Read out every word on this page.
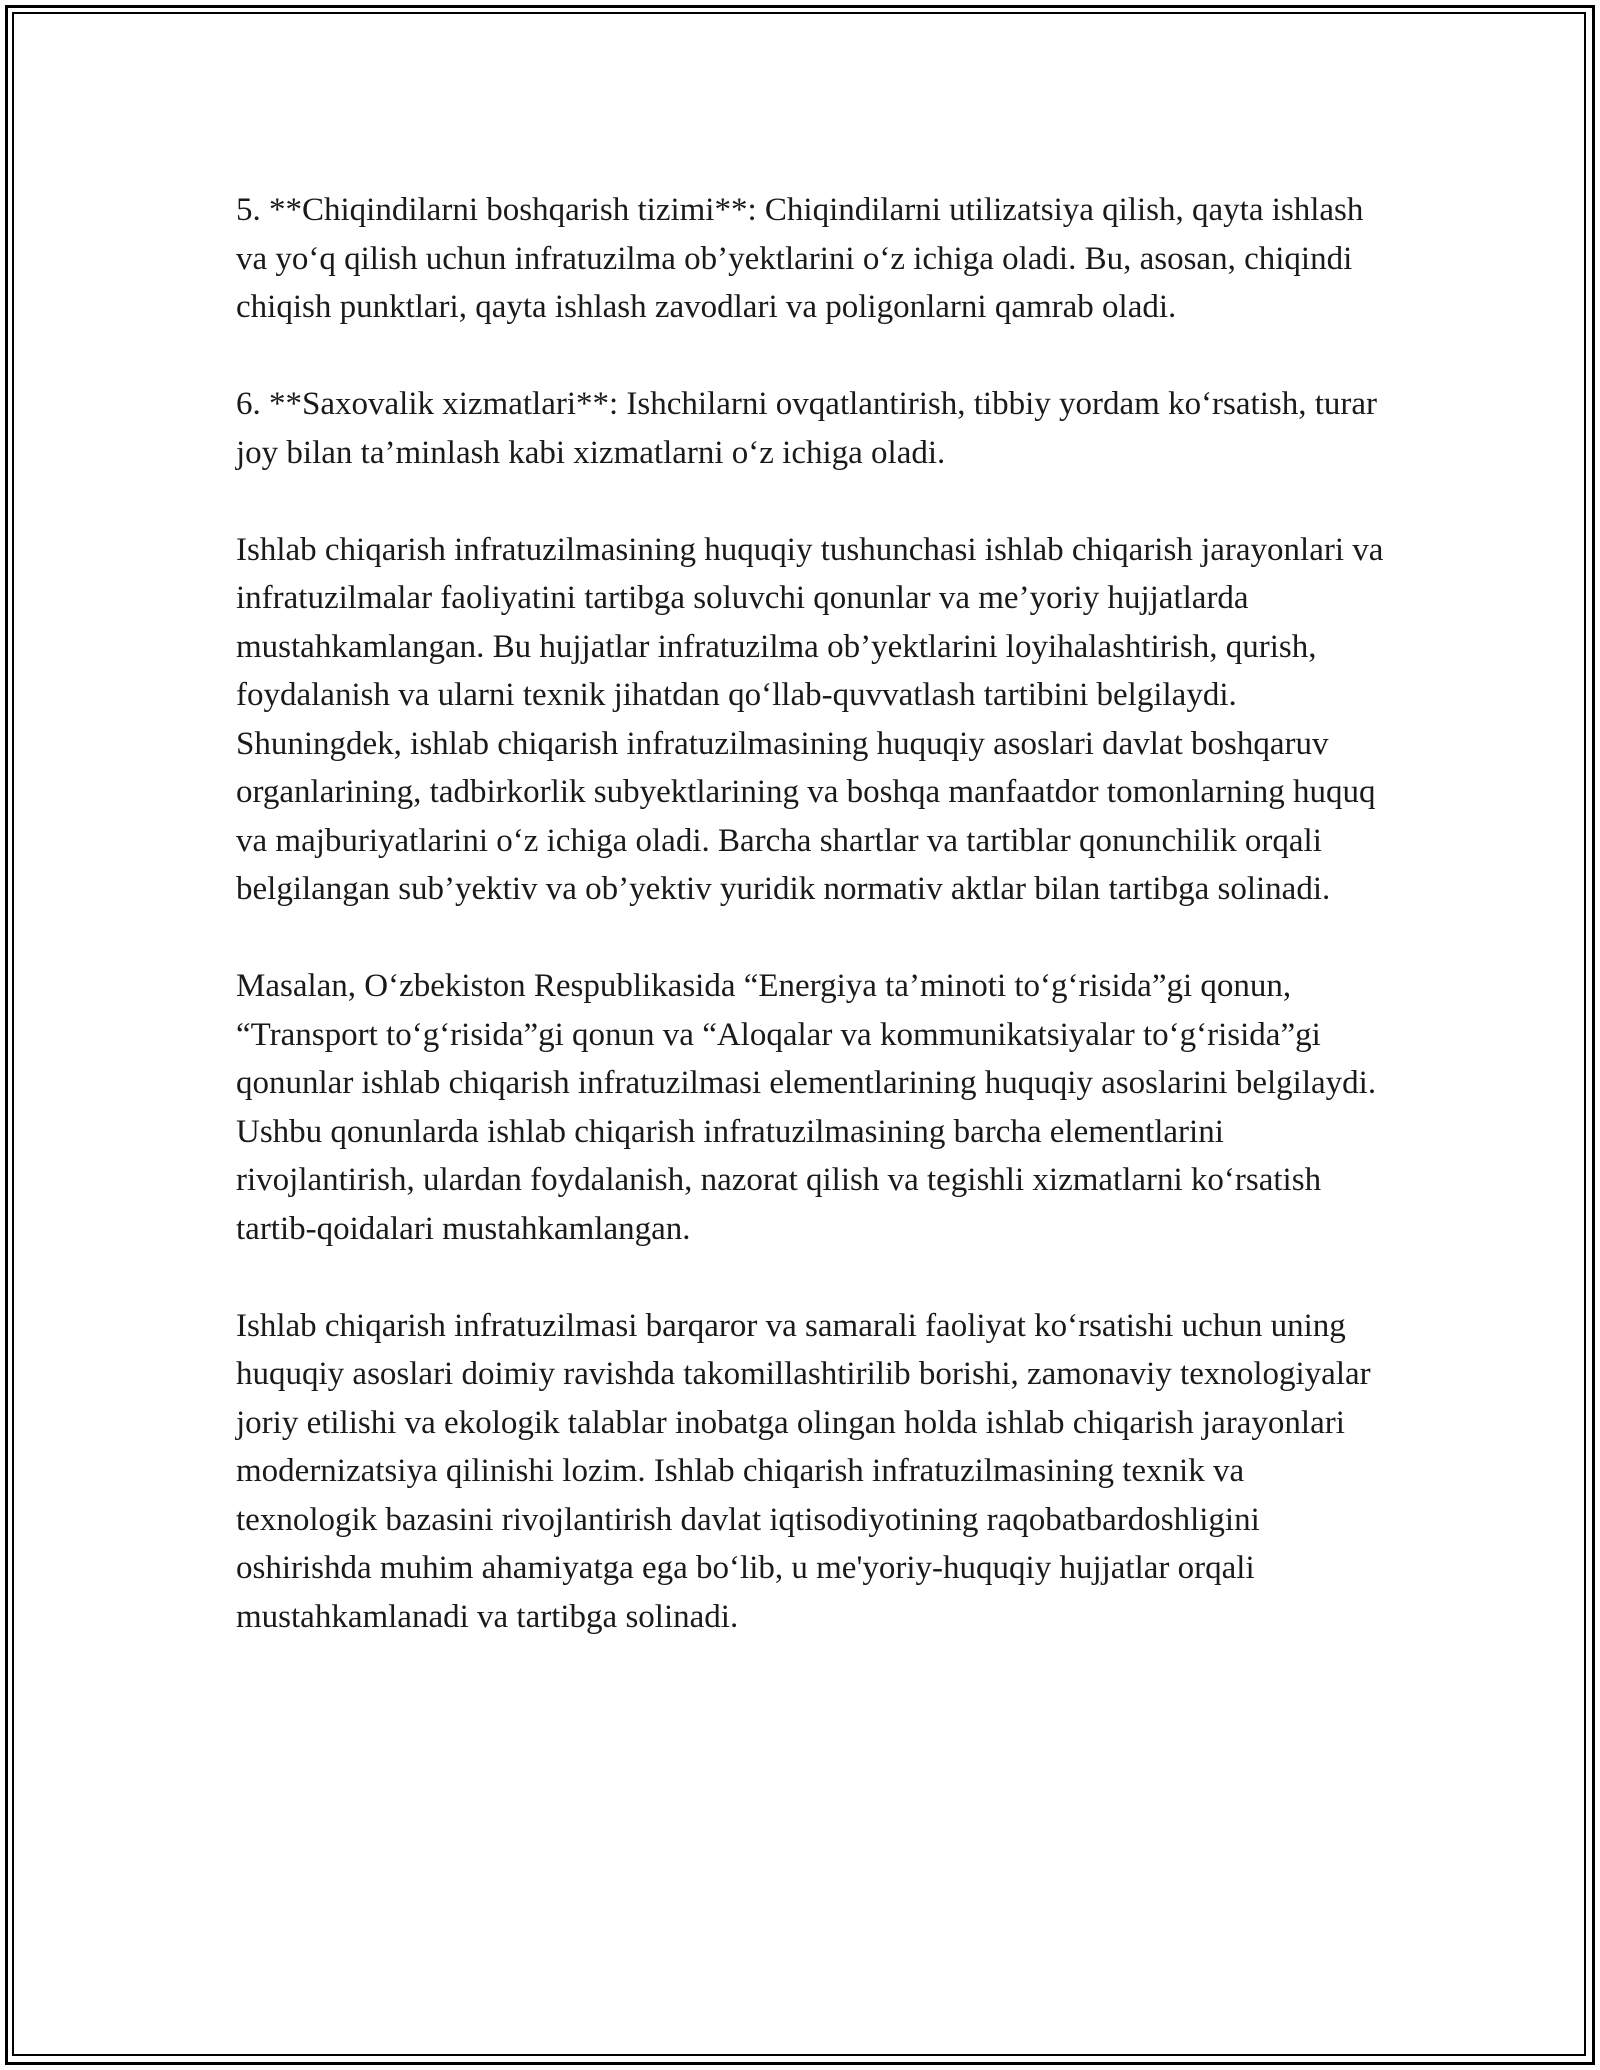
5. **Chiqindilarni boshqarish tizimi**: Chiqindilarni utilizatsiya qilish, qayta ishlash va yo‘q qilish uchun infratuzilma ob’yektlarini o‘z ichiga oladi. Bu, asosan, chiqindi chiqish punktlari, qayta ishlash zavodlari va poligonlarni qamrab oladi.

6. **Saxovalik xizmatlari**: Ishchilarni ovqatlantirish, tibbiy yordam ko‘rsatish, turar joy bilan ta’minlash kabi xizmatlarni o‘z ichiga oladi.

Ishlab chiqarish infratuzilmasining huquqiy tushunchasi ishlab chiqarish jarayonlari va infratuzilmalar faoliyatini tartibga soluvchi qonunlar va me’yoriy hujjatlarda mustahkamlangan. Bu hujjatlar infratuzilma ob’yektlarini loyihalashtirish, qurish, foydalanish va ularni texnik jihatdan qo‘llab-quvvatlash tartibini belgilaydi. Shuningdek, ishlab chiqarish infratuzilmasining huquqiy asoslari davlat boshqaruv organlarining, tadbirkorlik subyektlarining va boshqa manfaatdor tomonlarning huquq va majburiyatlarini o‘z ichiga oladi. Barcha shartlar va tartiblar qonunchilik orqali belgilangan sub’yektiv va ob’yektiv yuridik normativ aktlar bilan tartibga solinadi.

Masalan, O‘zbekiston Respublikasida “Energiya ta’minoti to‘g‘risida”gi qonun, “Transport to‘g‘risida”gi qonun va “Aloqalar va kommunikatsiyalar to‘g‘risida”gi qonunlar ishlab chiqarish infratuzilmasi elementlarining huquqiy asoslarini belgilaydi. Ushbu qonunlarda ishlab chiqarish infratuzilmasining barcha elementlarini rivojlantirish, ulardan foydalanish, nazorat qilish va tegishli xizmatlarni ko‘rsatish tartib-qoidalari mustahkamlangan.

Ishlab chiqarish infratuzilmasi barqaror va samarali faoliyat ko‘rsatishi uchun uning huquqiy asoslari doimiy ravishda takomillashtirilib borishi, zamonaviy texnologiyalar joriy etilishi va ekologik talablar inobatga olingan holda ishlab chiqarish jarayonlari modernizatsiya qilinishi lozim. Ishlab chiqarish infratuzilmasining texnik va texnologik bazasini rivojlantirish davlat iqtisodiyotining raqobatbardoshligini oshirishda muhim ahamiyatga ega bo‘lib, u me'yoriy-huquqiy hujjatlar orqali mustahkamlanadi va tartibga solinadi.
